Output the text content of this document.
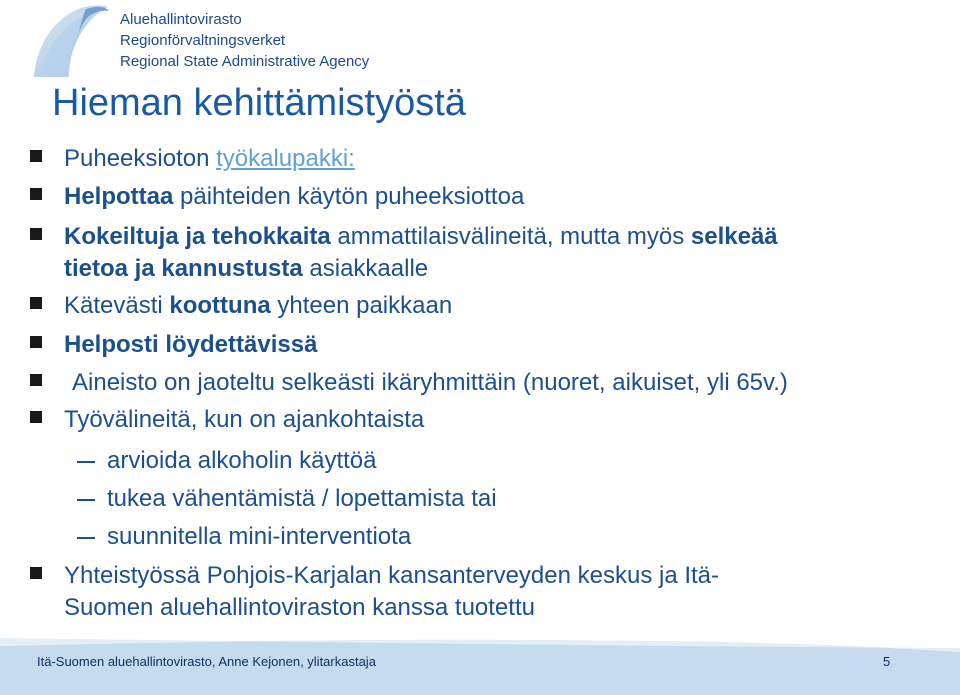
Aluehallintovirasto
Regionförvaltningsverket
Regional State Administrative Agency
Hieman kehittämistyöstä
Puheeksioton työkalupakki:
Helpottaa päihteiden käytön puheeksiottoa
Kokeiltuja ja tehokkaita ammattilaisvälineitä, mutta myös selkeää
tietoa ja kannustusta asiakkaalle
Kätevästi koottuna yhteen paikkaan
Helposti löydettävissä
Aineisto on jaoteltu selkeästi ikäryhmittäin (nuoret, aikuiset, yli 65v.)
Työvälineitä, kun on ajankohtaista
arvioida alkoholin käyttöä
tukea vähentämistä / lopettamista tai
suunnitella mini-interventiota
Yhteistyössä Pohjois-Karjalan kansanterveyden keskus ja Itä-
Suomen aluehallintoviraston kanssa tuotettu
Itä-Suomen aluehallintovirasto, Anne Kejonen, ylitarkastaja	5
